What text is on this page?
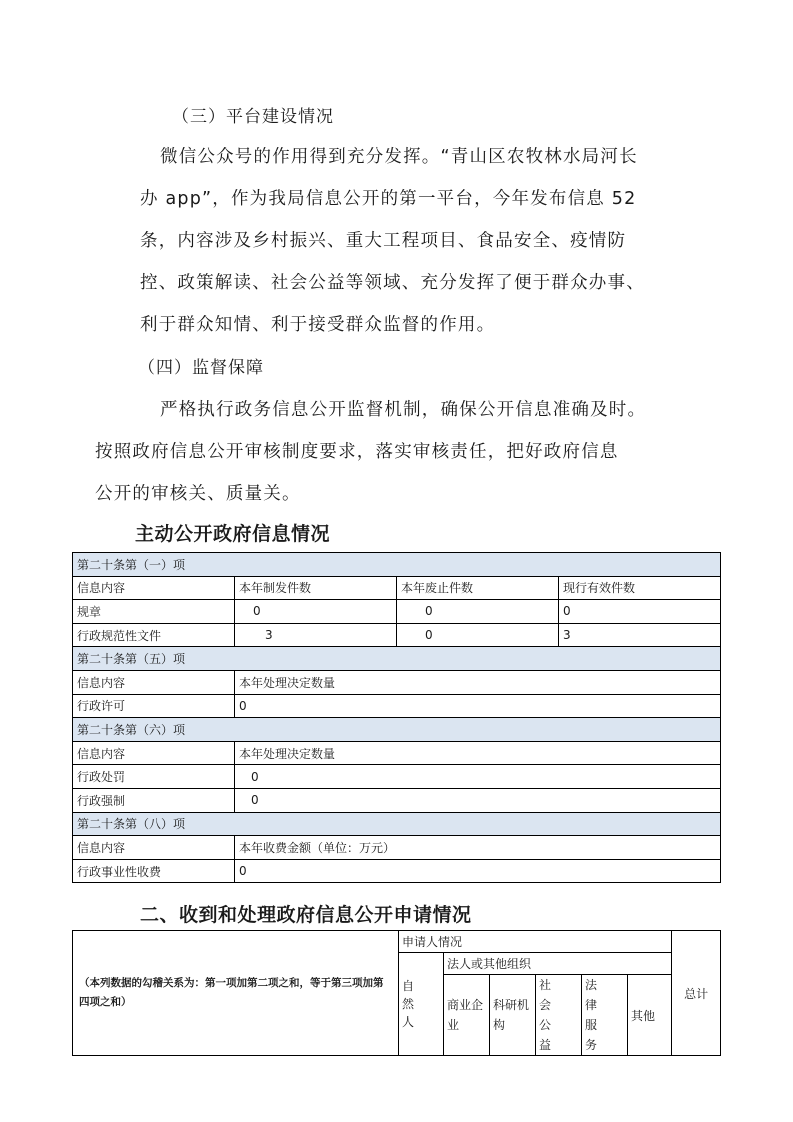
（三）平台建设情况
微信公众号的作用得到充分发挥。“青山区农牧林水局河长
办 app”，作为我局信息公开的第一平台，今年发布信息 52
条，内容涉及乡村振兴、重大工程项目、食品安全、疫情防
控、政策解读、社会公益等领域、充分发挥了便于群众办事、
利于群众知情、利于接受群众监督的作用。
（四）监督保障
严格执行政务信息公开监督机制，确保公开信息准确及时。
按照政府信息公开审核制度要求，落实审核责任，把好政府信息
公开的审核关、质量关。
主动公开政府信息情况
第二十条第（一）项			
信息内容	本年制发件数	本年废止件数	现行有效件数
规章	0	0	0
行政规范性文件	3	0	3
第二十条第（五）项			
信息内容	本年处理决定数量		
行政许可	0		
第二十条第（六）项			
信息内容	本年处理决定数量		
行政处罚	0		
行政强制	0		
第二十条第（八）项			
信息内容	本年收费金额（单位：万元）		
行政事业性收费	0		
二、收到和处理政府信息公开申请情况
（本列数据的勾稽关系为：第一项加第二项之和，等于第三项加第四项之和）	申请人情况						总计
	自然人	法人或其他组织					
		商业企业	科研机构	社会公益	法律服务	其他	
